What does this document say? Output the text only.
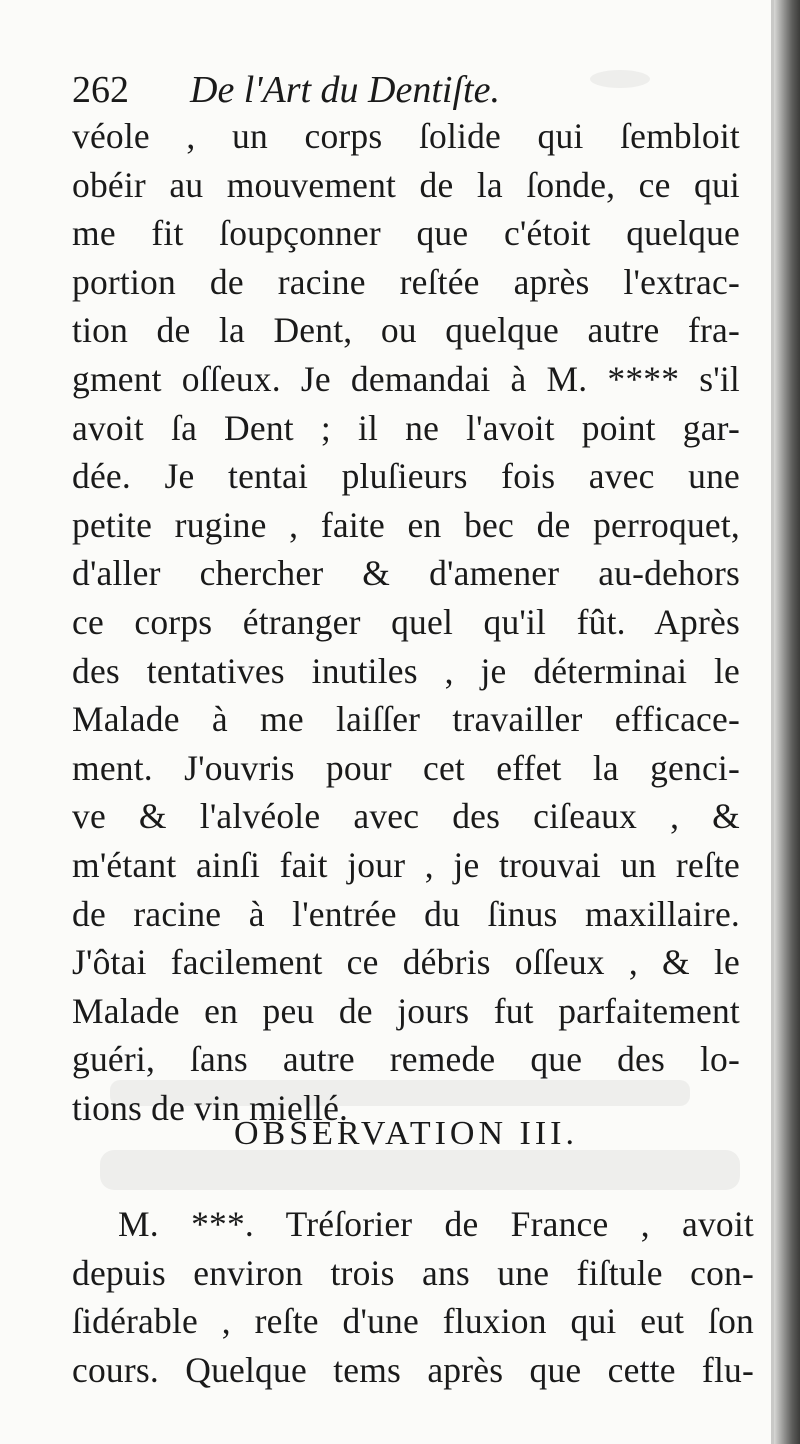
262 De l'Art du Dentiſte.
véole , un corps ſolide qui ſembloit
obéir au mouvement de la ſonde, ce qui
me fit ſoupçonner que c'étoit quelque
portion de racine reſtée après l'extrac-
tion de la Dent, ou quelque autre fra-
gment oſſeux. Je demandai à M. **** s'il
avoit ſa Dent ; il ne l'avoit point gar-
dée. Je tentai pluſieurs fois avec une
petite rugine , faite en bec de perroquet,
d'aller chercher & d'amener au-dehors
ce corps étranger quel qu'il fût. Après
des tentatives inutiles , je déterminai le
Malade à me laiſſer travailler efficace-
ment. J'ouvris pour cet effet la genci-
ve & l'alvéole avec des ciſeaux , &
m'étant ainſi fait jour , je trouvai un reſte
de racine à l'entrée du ſinus maxillaire.
J'ôtai facilement ce débris oſſeux , & le
Malade en peu de jours fut parfaitement
guéri, ſans autre remede que des lo-
tions de vin miellé.
OBSERVATION III.
M. ***. Tréſorier de France , avoit
depuis environ trois ans une fiſtule con-
ſidérable , reſte d'une fluxion qui eut ſon
cours. Quelque tems après que cette flu-
